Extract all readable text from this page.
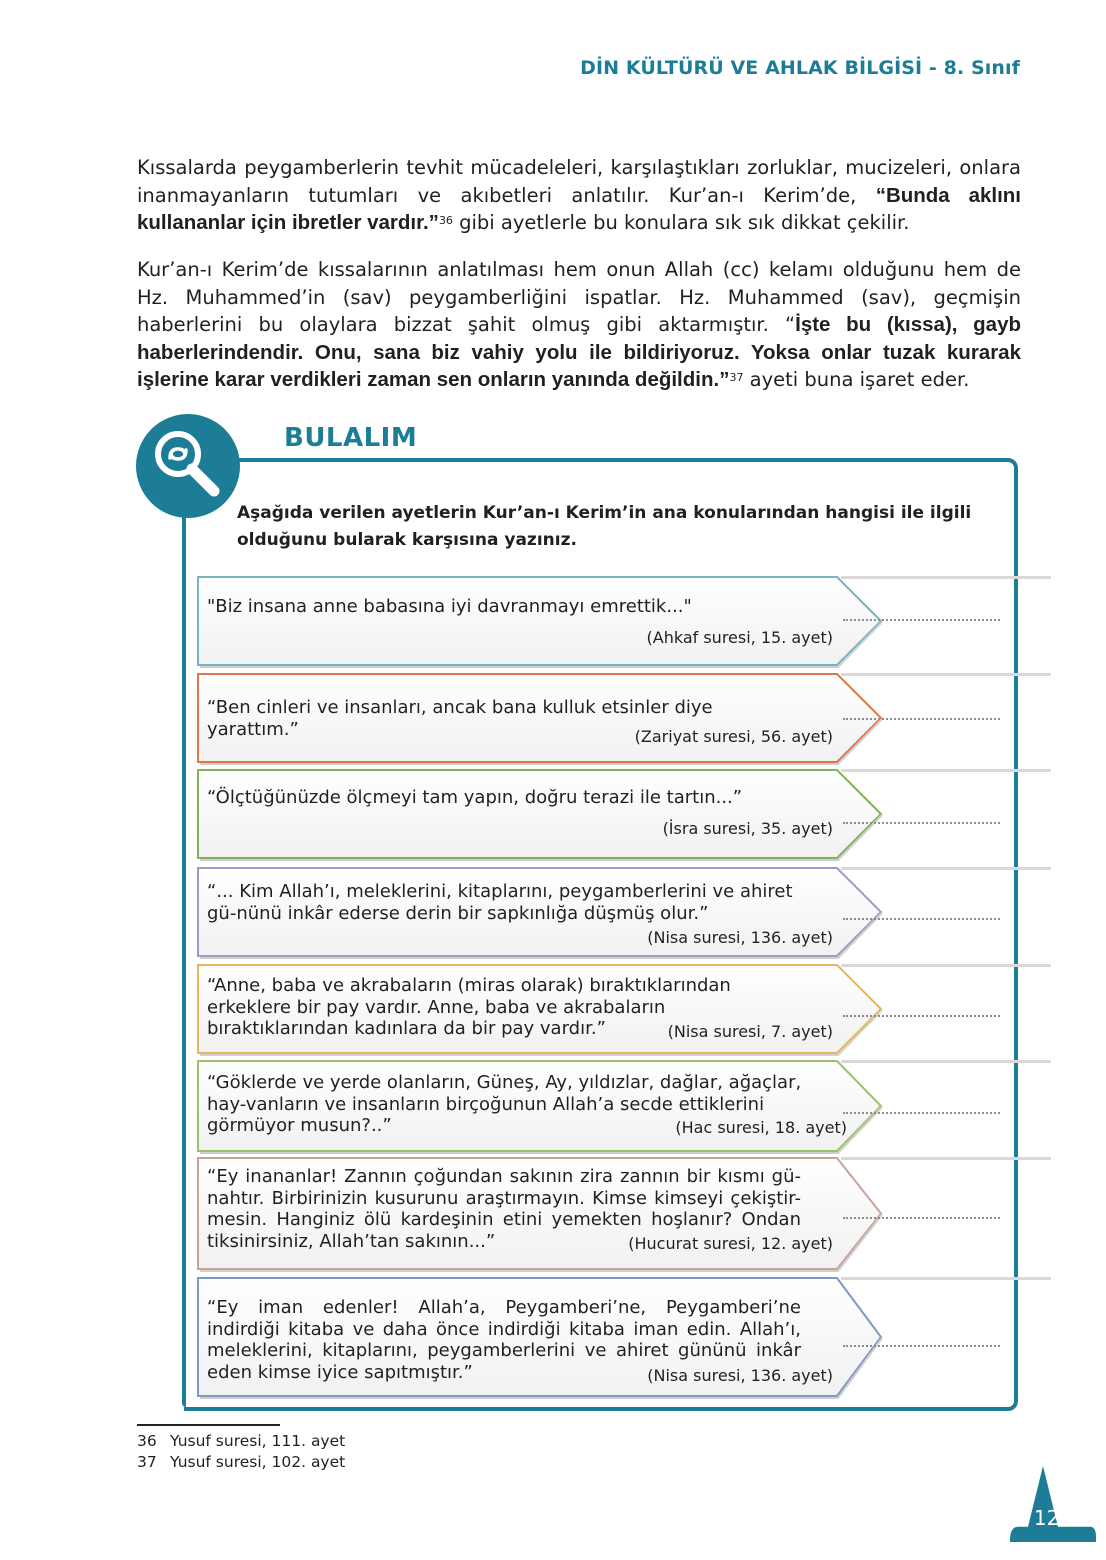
DİN KÜLTÜRÜ VE AHLAK BİLGİSİ - 8. Sınıf
Kıssalarda peygamberlerin tevhit mücadeleleri, karşılaştıkları zorluklar, mucizeleri, onlara inanmayanların tutumları ve akıbetleri anlatılır. Kur’an-ı Kerim’de, “Bunda aklını kullananlar için ibretler vardır.”$^{36}$ gibi ayetlerle bu konulara sık sık dikkat çekilir.
Kur’an-ı Kerim’de kıssalarının anlatılması hem onun Allah (cc) kelamı olduğunu hem de Hz. Muhammed’in (sav) peygamberliğini ispatlar. Hz. Muhammed (sav), geçmişin haberlerini bu olaylara bizzat şahit olmuş gibi aktarmıştır. “İşte bu (kıssa), gayb haberlerindendir. Onu, sana biz vahiy yolu ile bildiriyoruz. Yoksa onlar tuzak kurarak işlerine karar verdikleri zaman sen onların yanında değildin.”$^{37}$ ayeti buna işaret eder.
BULALIM
Aşağıda verilen ayetlerin Kur’an-ı Kerim’in ana konularından hangisi ile ilgili olduğunu bularak karşısına yazınız.
"Biz insana anne babasına iyi davranmayı emrettik..."
(Ahkaf suresi, 15. ayet)
“Ben cinleri ve insanları, ancak bana kulluk etsinler diye yarattım.”	(Zariyat suresi, 56. ayet)
“Ölçtüğünüzde ölçmeyi tam yapın, doğru terazi ile tartın...”
(İsra suresi, 35. ayet)
“... Kim Allah’ı, meleklerini, kitaplarını, peygamberlerini ve ahiret gü-nünü inkâr ederse derin bir sapkınlığa düşmüş olur.”
(Nisa suresi, 136. ayet)
“Anne, baba ve akrabaların (miras olarak) bıraktıklarından erkeklere bir pay vardır. Anne, baba ve akrabaların bıraktıklarından kadınlara da bir pay vardır.”	(Nisa suresi, 7. ayet)
“Göklerde ve yerde olanların, Güneş, Ay, yıldızlar, dağlar, ağaçlar, hay-vanların ve insanların birçoğunun Allah’a secde ettiklerini görmüyor musun?..”	(Hac suresi, 18. ayet)
“Ey inananlar! Zannın çoğundan sakının zira zannın bir kısmı gü-nahtır. Birbirinizin kusurunu araştırmayın. Kimse kimseyi çekiştir-mesin. Hanginiz ölü kardeşinin etini yemekten hoşlanır? Ondan tiksinirsiniz, Allah’tan sakının...”	(Hucurat suresi, 12. ayet)
“Ey iman edenler! Allah’a, Peygamberi’ne, Peygamberi’ne indirdiği kitaba ve daha önce indirdiği kitaba iman edin. Allah’ı, meleklerini, kitaplarını, peygamberlerini ve ahiret gününü inkâr eden kimse iyice sapıtmıştır.”	(Nisa suresi, 136. ayet)
36 Yusuf suresi, 111. ayet
37 Yusuf suresi, 102. ayet
121
